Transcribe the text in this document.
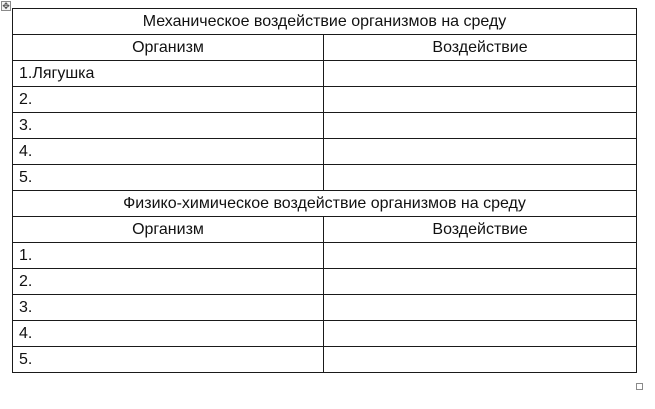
✥
Механическое воздействие организмов на среду	
Организм	Воздействие
1.Лягушка	
2.	
3.	
4.	
5.	
Физико-химическое воздействие организмов на среду	
Организм	Воздействие
1.	
2.	
3.	
4.	
5.	
